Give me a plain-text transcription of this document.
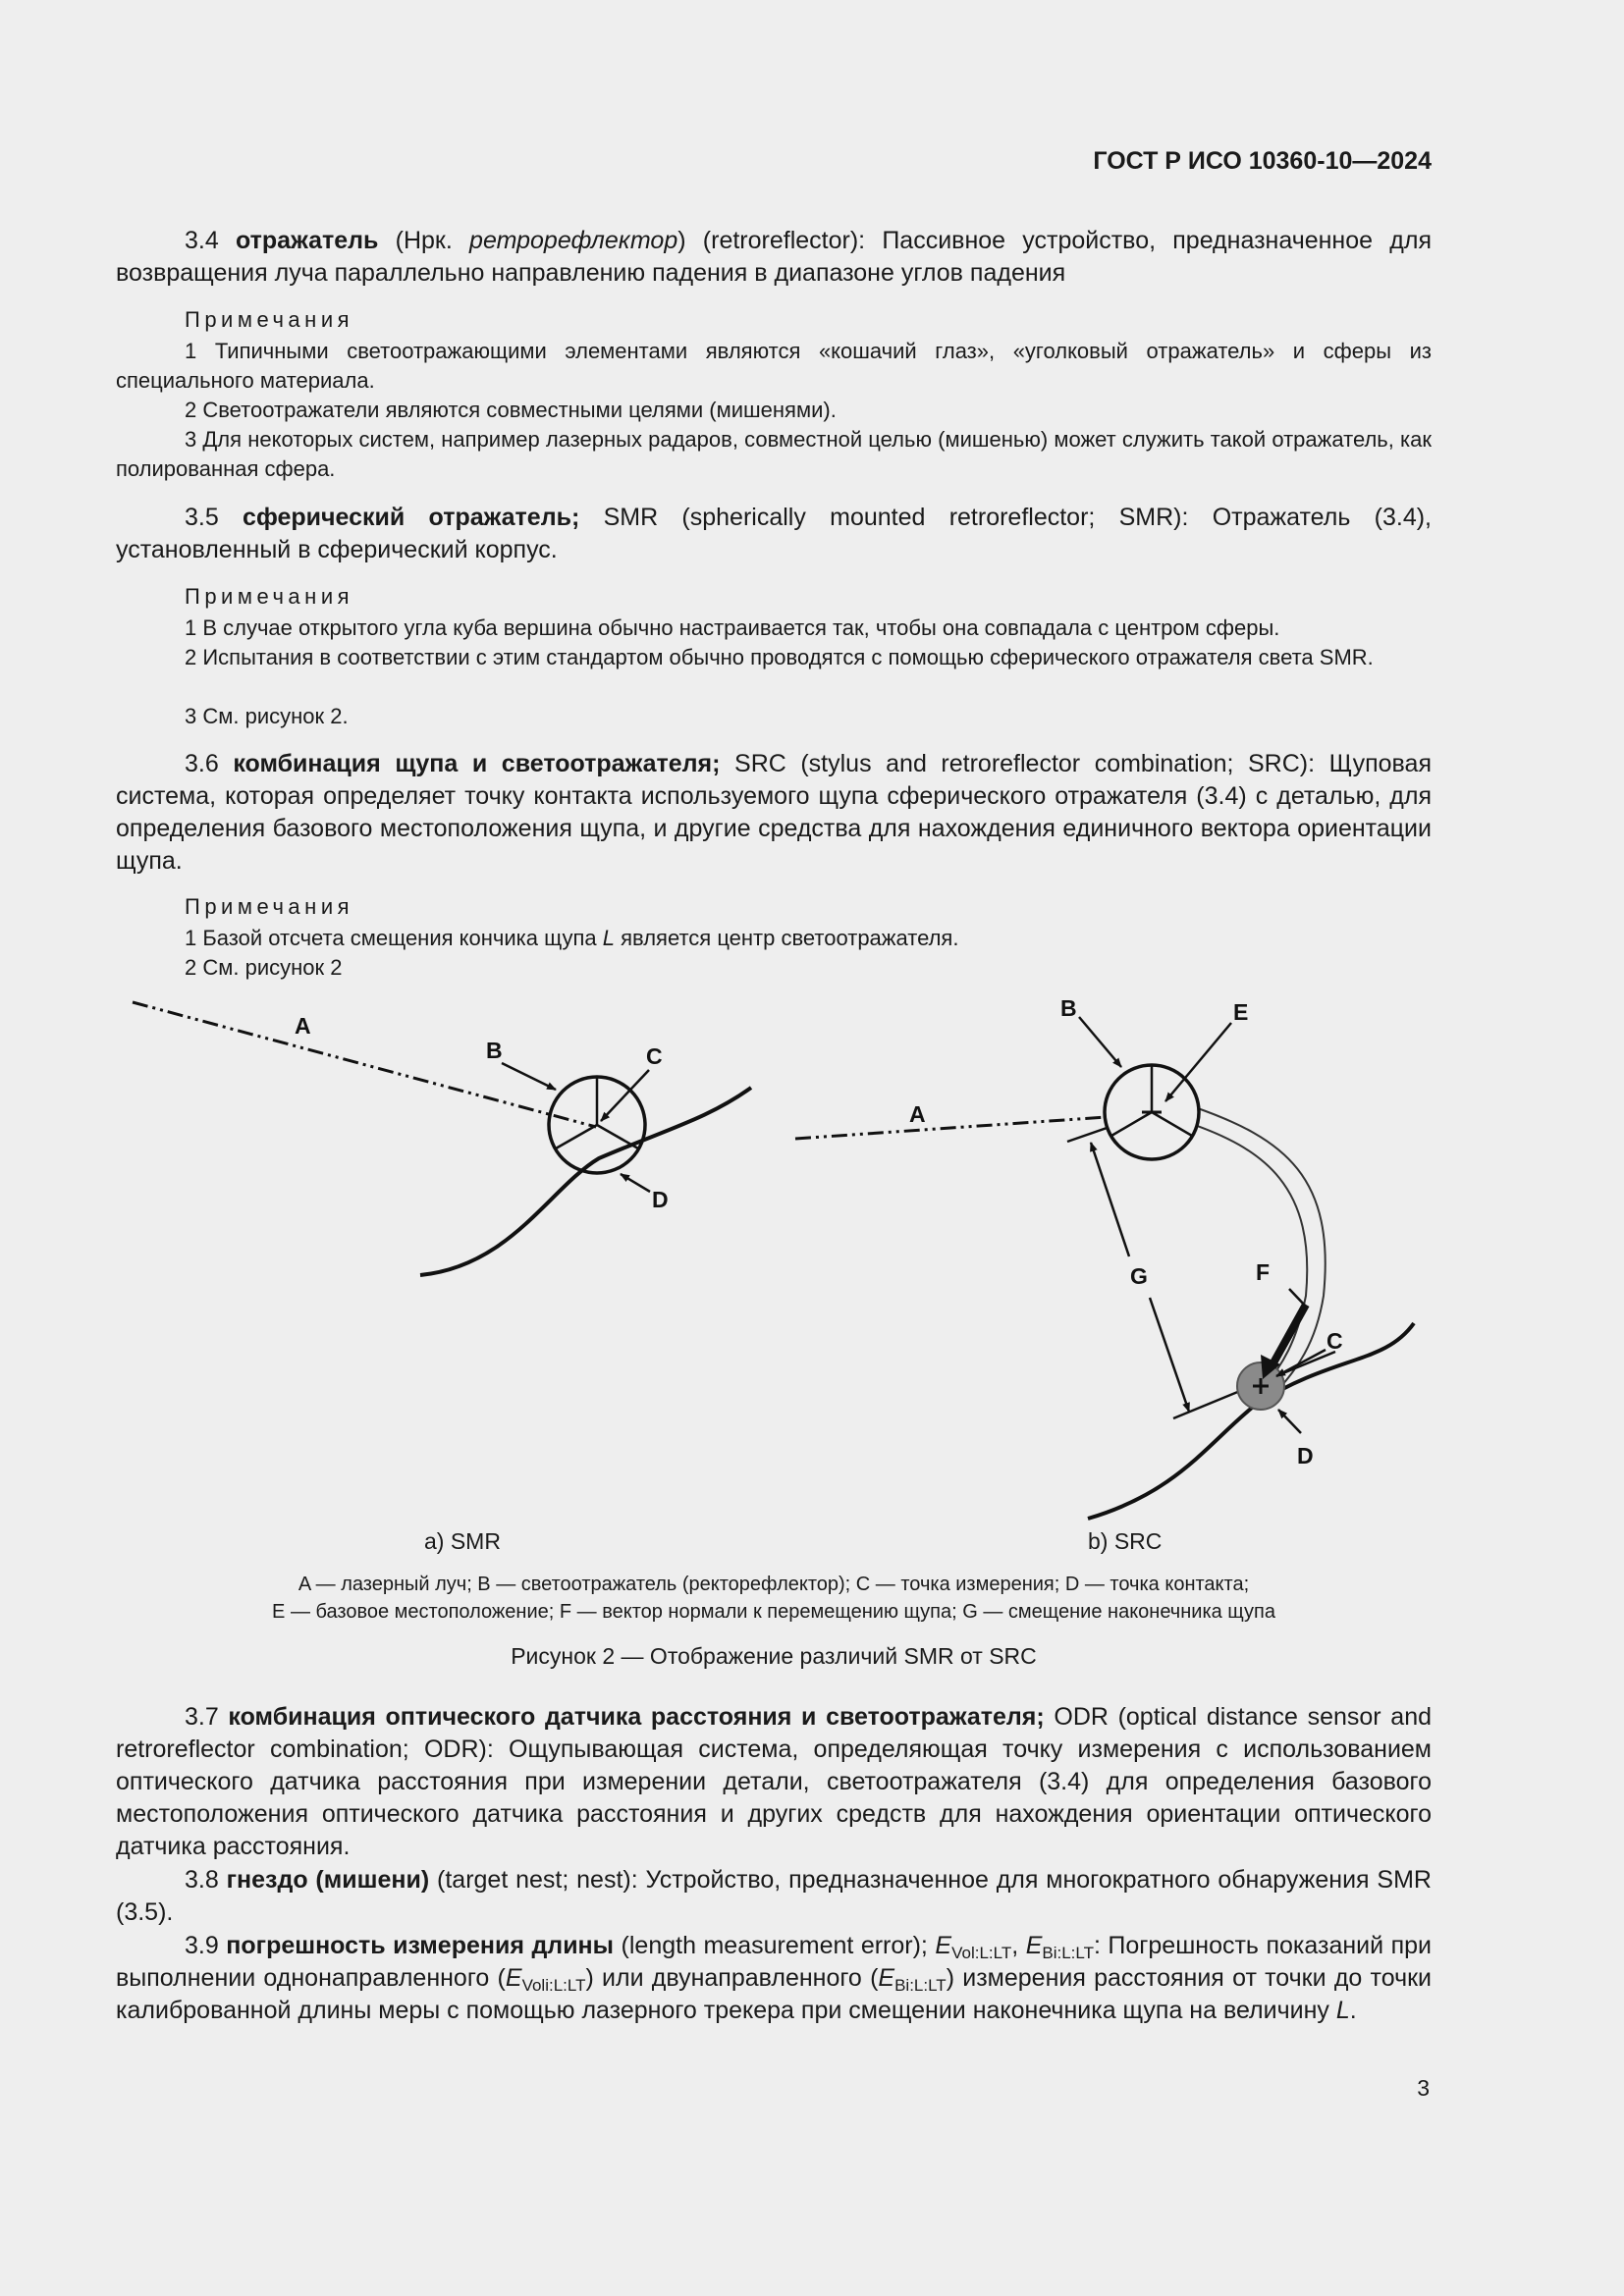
ГОСТ Р ИСО 10360-10—2024
3.4 отражатель (Нрк. ретрорефлектор) (retroreflector): Пассивное устройство, предназначенное для возвращения луча параллельно направлению падения в диапазоне углов падения
Примечания
1 Типичными светоотражающими элементами являются «кошачий глаз», «уголковый отражатель» и сферы из специального материала.
2 Светоотражатели являются совместными целями (мишенями).
3 Для некоторых систем, например лазерных радаров, совместной целью (мишенью) может служить такой отражатель, как полированная сфера.
3.5 сферический отражатель; SMR (spherically mounted retroreflector; SMR): Отражатель (3.4), установленный в сферический корпус.
Примечания
1 В случае открытого угла куба вершина обычно настраивается так, чтобы она совпадала с центром сферы.
2 Испытания в соответствии с этим стандартом обычно проводятся с помощью сферического отражателя света SMR.
3 См. рисунок 2.
3.6 комбинация щупа и светоотражателя; SRC (stylus and retroreflector combination; SRC): Щуповая система, которая определяет точку контакта используемого щупа сферического отражателя (3.4) с деталью, для определения базового местоположения щупа, и другие средства для нахождения единичного вектора ориентации щупа.
Примечания
1 Базой отсчета смещения кончика щупа L является центр светоотражателя.
2 См. рисунок 2
A
B	C
D
B	E
A
G	F
C
D
a) SMR	b) SRC
A — лазерный луч; B — светоотражатель (ректорефлектор); C — точка измерения; D — точка контакта;
E — базовое местоположение; F — вектор нормали к перемещению щупа; G — смещение наконечника щупа
Рисунок 2 — Отображение различий SMR от SRC
3.7 комбинация оптического датчика расстояния и светоотражателя; ODR (optical distance sensor and retroreflector combination; ODR): Ощупывающая система, определяющая точку измерения с использованием оптического датчика расстояния при измерении детали, светоотражателя (3.4) для определения базового местоположения оптического датчика расстояния и других средств для нахождения ориентации оптического датчика расстояния.
3.8 гнездо (мишени) (target nest; nest): Устройство, предназначенное для многократного обнаружения SMR (3.5).
3.9 погрешность измерения длины (length measurement error); $E_{Vol:L:LT}$, $E_{Bi:L:LT}$: Погрешность показаний при выполнении однонаправленного $(E_{Voli:L:LT})$ или двунаправленного $(E_{Bi:L:LT})$ измерения расстояния от точки до точки калиброванной длины меры с помощью лазерного трекера при смещении наконечника щупа на величину L.
3
